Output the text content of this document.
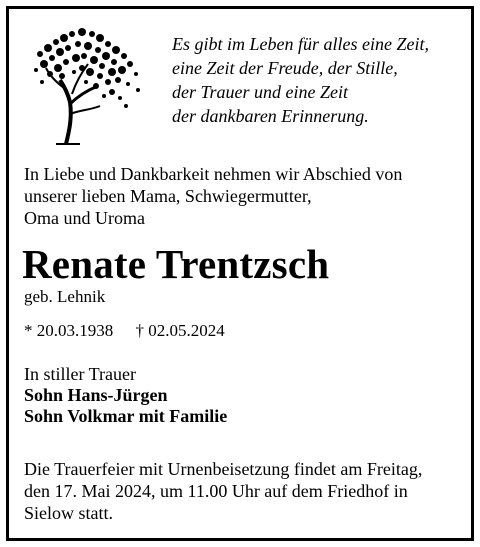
Es gibt im Leben für alles eine Zeit,
eine Zeit der Freude, der Stille,
der Trauer und eine Zeit
der dankbaren Erinnerung.
In Liebe und Dankbarkeit nehmen wir Abschied von
unserer lieben Mama, Schwiegermutter,
Oma und Uroma
Renate Trentzsch
geb. Lehnik
* 20.03.1938 † 02.05.2024
In stiller Trauer
Sohn Hans-Jürgen
Sohn Volkmar mit Familie
Die Trauerfeier mit Urnenbeisetzung findet am Freitag,
den 17. Mai 2024, um 11.00 Uhr auf dem Friedhof in
Sielow statt.
